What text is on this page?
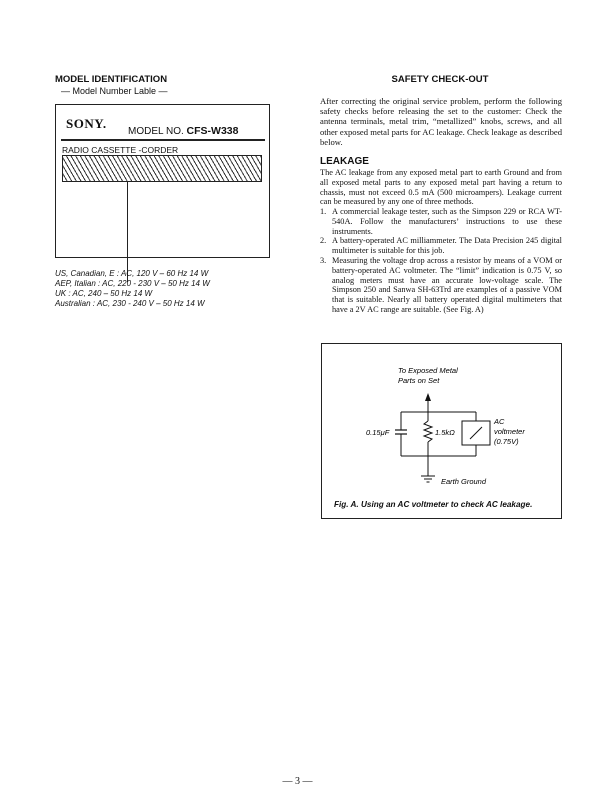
MODEL IDENTIFICATION
— Model Number Lable —
SONY.
MODEL NO. CFS-W338
RADIO CASSETTE -CORDER
US, Canadian, E : AC, 120 V – 60 Hz 14 W
AEP, Italian : AC, 220 - 230 V – 50 Hz 14 W
UK : AC, 240 – 50 Hz 14 W
Australian : AC, 230 - 240 V – 50 Hz 14 W
SAFETY CHECK-OUT
After correcting the original service problem, perform the following safety checks before releasing the set to the customer: Check the antenna terminals, metal trim, “metallized” knobs, screws, and all other exposed metal parts for AC leakage. Check leakage as described below.
LEAKAGE
The AC leakage from any exposed metal part to earth Ground and from all exposed metal parts to any exposed metal part having a return to chassis, must not exceed 0.5 mA (500 microampers). Leakage current can be measured by any one of three methods.
1. A commercial leakage tester, such as the Simpson 229 or RCA WT-540A. Follow the manufacturers’ instructions to use these instruments.
2. A battery-operated AC milliammeter. The Data Precision 245 digital multimeter is suitable for this job.
3. Measuring the voltage drop across a resistor by means of a VOM or battery-operated AC voltmeter. The “limit” indication is 0.75 V, so analog meters must have an accurate low-voltage scale. The Simpson 250 and Sanwa SH-63Trd are examples of a passive VOM that is suitable. Nearly all battery operated digital multimeters that have a 2V AC range are suitable. (See Fig. A)
To Exposed Metal
Parts on Set
0.15μF	1.5kΩ
AC
voltmeter
(0.75V)
Earth Ground
Fig. A. Using an AC voltmeter to check AC leakage.
— 3 —
